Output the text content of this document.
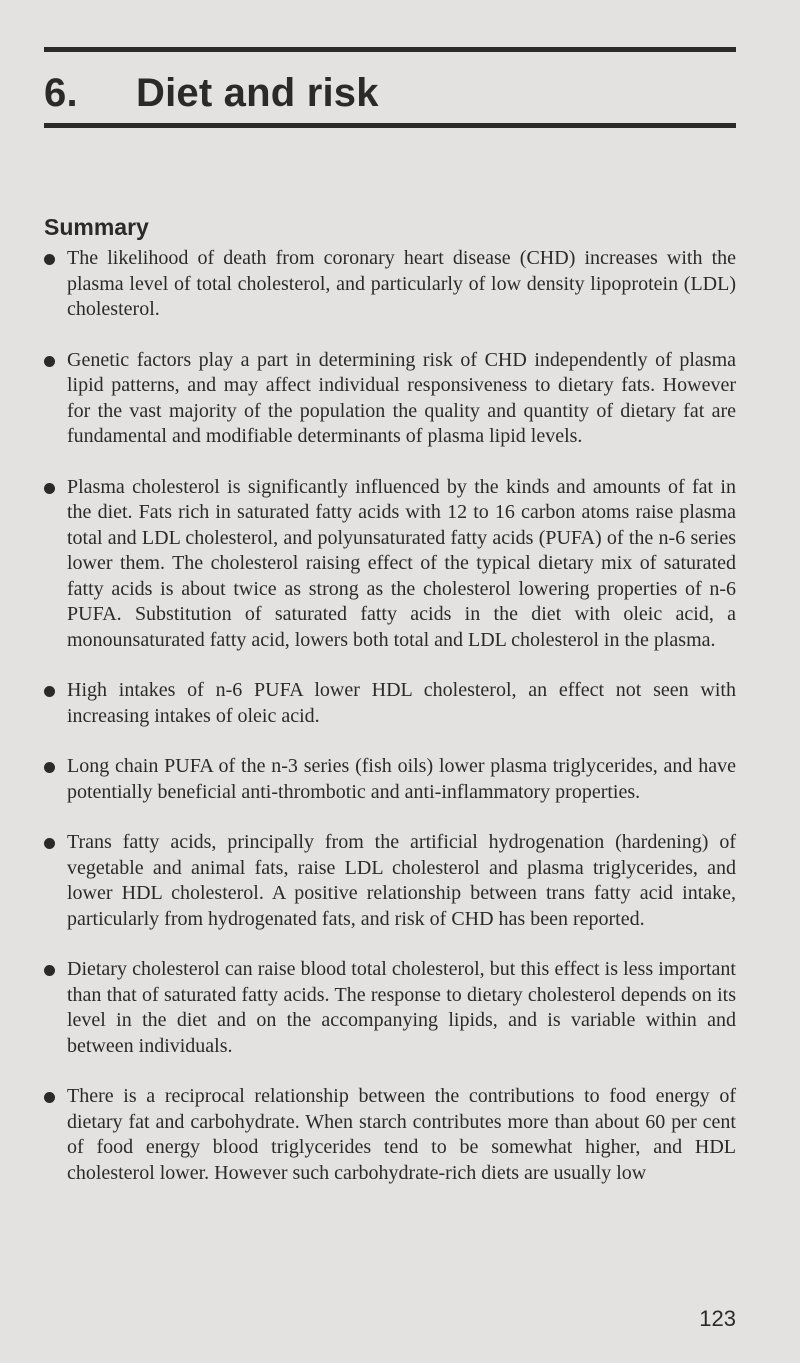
6.	Diet and risk
Summary
The likelihood of death from coronary heart disease (CHD) increases with the plasma level of total cholesterol, and particularly of low density lipoprotein (LDL) cholesterol.
Genetic factors play a part in determining risk of CHD independently of plasma lipid patterns, and may affect individual responsiveness to dietary fats. However for the vast majority of the population the quality and quantity of dietary fat are fundamental and modifiable determinants of plasma lipid levels.
Plasma cholesterol is significantly influenced by the kinds and amounts of fat in the diet. Fats rich in saturated fatty acids with 12 to 16 carbon atoms raise plasma total and LDL cholesterol, and polyunsaturated fatty acids (PUFA) of the n-6 series lower them. The cholesterol raising effect of the typical dietary mix of saturated fatty acids is about twice as strong as the cholesterol lowering properties of n-6 PUFA. Substitution of saturated fatty acids in the diet with oleic acid, a monounsaturated fatty acid, lowers both total and LDL cholesterol in the plasma.
High intakes of n-6 PUFA lower HDL cholesterol, an effect not seen with increasing intakes of oleic acid.
Long chain PUFA of the n-3 series (fish oils) lower plasma triglycerides, and have potentially beneficial anti-thrombotic and anti-inflammatory properties.
Trans fatty acids, principally from the artificial hydrogenation (hardening) of vegetable and animal fats, raise LDL cholesterol and plasma triglycerides, and lower HDL cholesterol. A positive relationship between trans fatty acid intake, particularly from hydrogenated fats, and risk of CHD has been reported.
Dietary cholesterol can raise blood total cholesterol, but this effect is less important than that of saturated fatty acids. The response to dietary cholesterol depends on its level in the diet and on the accompanying lipids, and is variable within and between individuals.
There is a reciprocal relationship between the contributions to food energy of dietary fat and carbohydrate. When starch contributes more than about 60 per cent of food energy blood triglycerides tend to be somewhat higher, and HDL cholesterol lower. However such carbohydrate-rich diets are usually low
123
